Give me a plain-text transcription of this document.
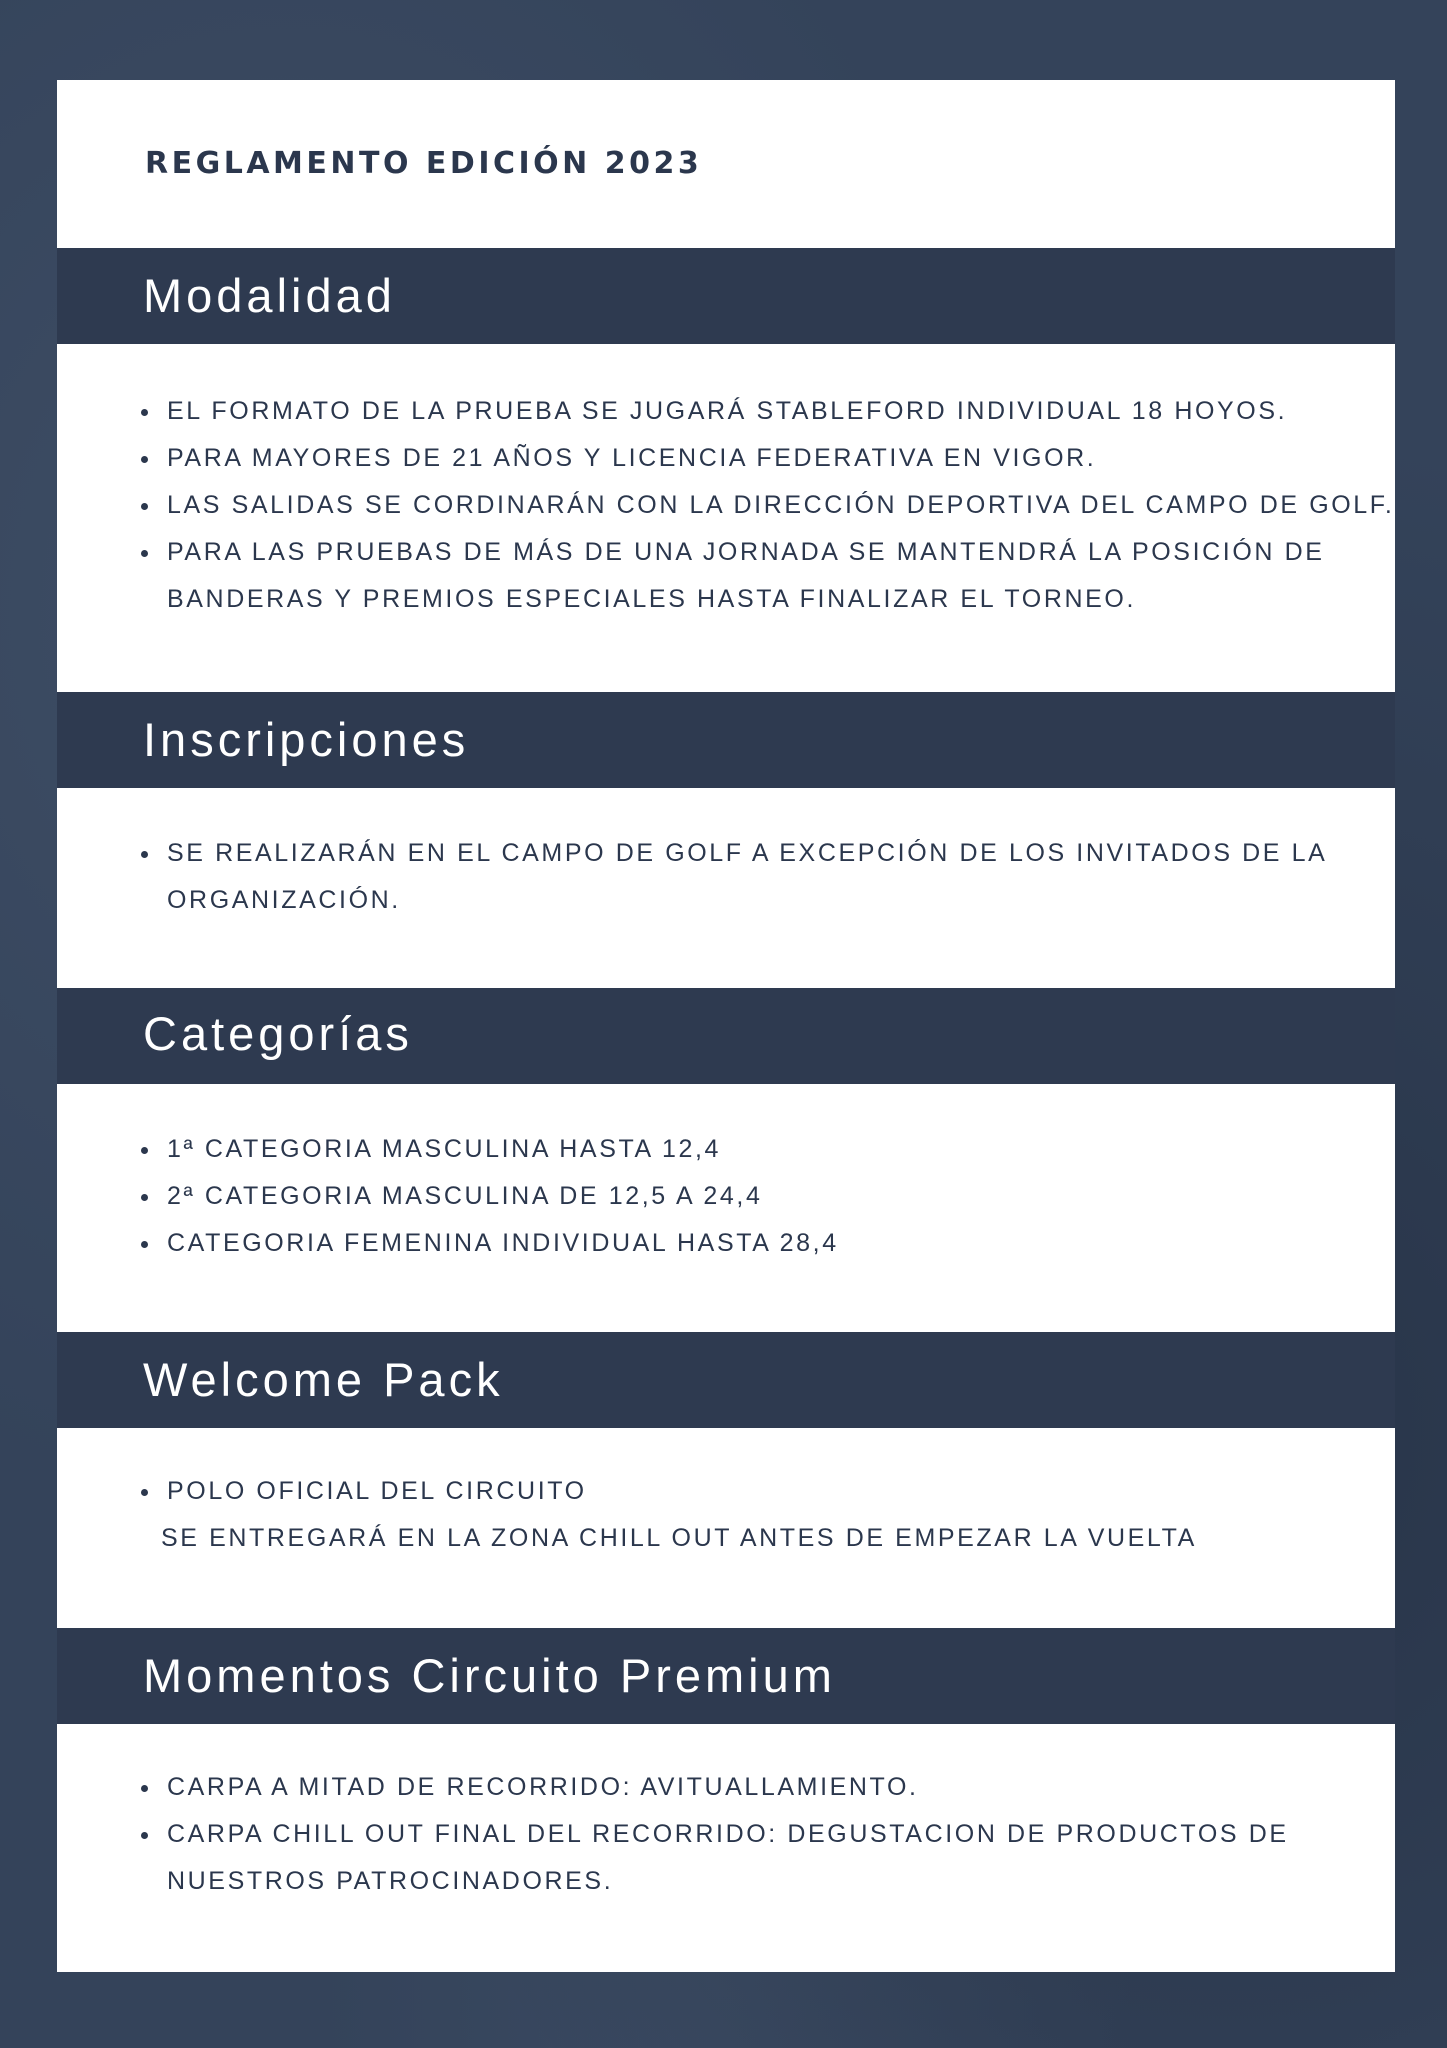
REGLAMENTO EDICIÓN 2023
Modalidad
EL FORMATO DE LA PRUEBA SE JUGARÁ STABLEFORD INDIVIDUAL 18 HOYOS.
PARA MAYORES DE 21 AÑOS Y LICENCIA FEDERATIVA EN VIGOR.
LAS SALIDAS SE CORDINARÁN CON LA DIRECCIÓN DEPORTIVA DEL CAMPO DE GOLF.
PARA LAS PRUEBAS DE MÁS DE UNA JORNADA SE MANTENDRÁ LA POSICIÓN DE
BANDERAS Y PREMIOS ESPECIALES HASTA FINALIZAR EL TORNEO.
Inscripciones
SE REALIZARÁN EN EL CAMPO DE GOLF A EXCEPCIÓN DE LOS INVITADOS DE LA
ORGANIZACIÓN.
Categorías
1ª CATEGORIA MASCULINA HASTA 12,4
2ª CATEGORIA MASCULINA DE 12,5 A 24,4
CATEGORIA FEMENINA INDIVIDUAL HASTA 28,4
Welcome Pack
POLO OFICIAL DEL CIRCUITO
SE ENTREGARÁ EN LA ZONA CHILL OUT ANTES DE EMPEZAR LA VUELTA
Momentos Circuito Premium
CARPA A MITAD DE RECORRIDO: AVITUALLAMIENTO.
CARPA CHILL OUT FINAL DEL RECORRIDO: DEGUSTACION DE PRODUCTOS DE
NUESTROS PATROCINADORES.
